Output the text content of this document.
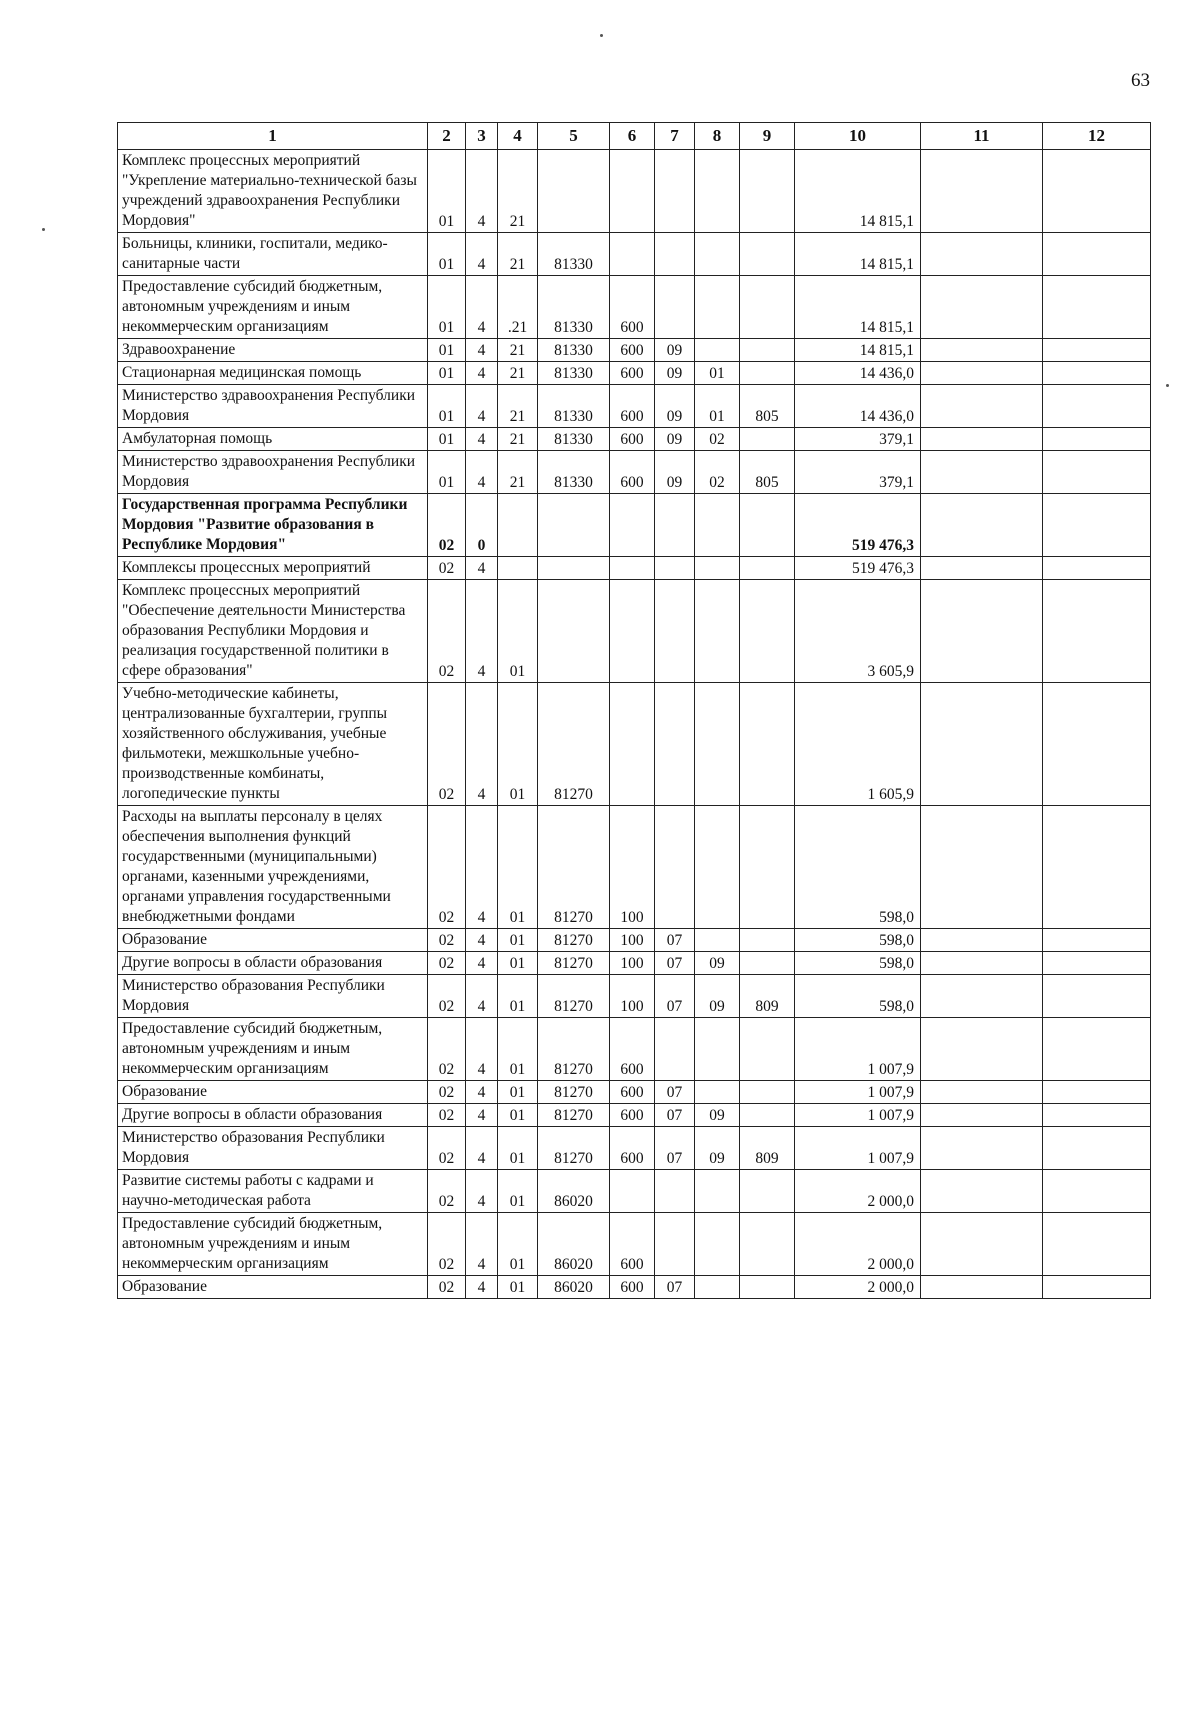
63
1	2	3	4	5	6	7	8	9	10	11	12
Комплекс процессных мероприятий "Укрепление материально-технической базы учреждений здравоохранения Республики Мордовия"	01	4	21						14 815,1		
Больницы, клиники, госпитали, медико-санитарные части	01	4	21	81330					14 815,1		
Предоставление субсидий бюджетным, автономным учреждениям и иным некоммерческим организациям	01	4	.21	81330	600				14 815,1		
Здравоохранение	01	4	21	81330	600	09			14 815,1		
Стационарная медицинская помощь	01	4	21	81330	600	09	01		14 436,0		
Министерство здравоохранения Республики Мордовия	01	4	21	81330	600	09	01	805	14 436,0		
Амбулаторная помощь	01	4	21	81330	600	09	02		379,1		
Министерство здравоохранения Республики Мордовия	01	4	21	81330	600	09	02	805	379,1		
Государственная программа Республики Мордовия "Развитие образования в Республике Мордовия"	02	0							519 476,3		
Комплексы процессных мероприятий	02	4							519 476,3		
Комплекс процессных мероприятий "Обеспечение деятельности Министерства образования Республики Мордовия и реализация государственной политики в сфере образования"	02	4	01						3 605,9		
Учебно-методические кабинеты, централизованные бухгалтерии, группы хозяйственного обслуживания, учебные фильмотеки, межшкольные учебно-производственные комбинаты, логопедические пункты	02	4	01	81270					1 605,9		
Расходы на выплаты персоналу в целях обеспечения выполнения функций государственными (муниципальными) органами, казенными учреждениями, органами управления государственными внебюджетными фондами	02	4	01	81270	100				598,0		
Образование	02	4	01	81270	100	07			598,0		
Другие вопросы в области образования	02	4	01	81270	100	07	09		598,0		
Министерство образования Республики Мордовия	02	4	01	81270	100	07	09	809	598,0		
Предоставление субсидий бюджетным, автономным учреждениям и иным некоммерческим организациям	02	4	01	81270	600				1 007,9		
Образование	02	4	01	81270	600	07			1 007,9		
Другие вопросы в области образования	02	4	01	81270	600	07	09		1 007,9		
Министерство образования Республики Мордовия	02	4	01	81270	600	07	09	809	1 007,9		
Развитие системы работы с кадрами и научно-методическая работа	02	4	01	86020					2 000,0		
Предоставление субсидий бюджетным, автономным учреждениям и иным некоммерческим организациям	02	4	01	86020	600				2 000,0		
Образование	02	4	01	86020	600	07			2 000,0		
